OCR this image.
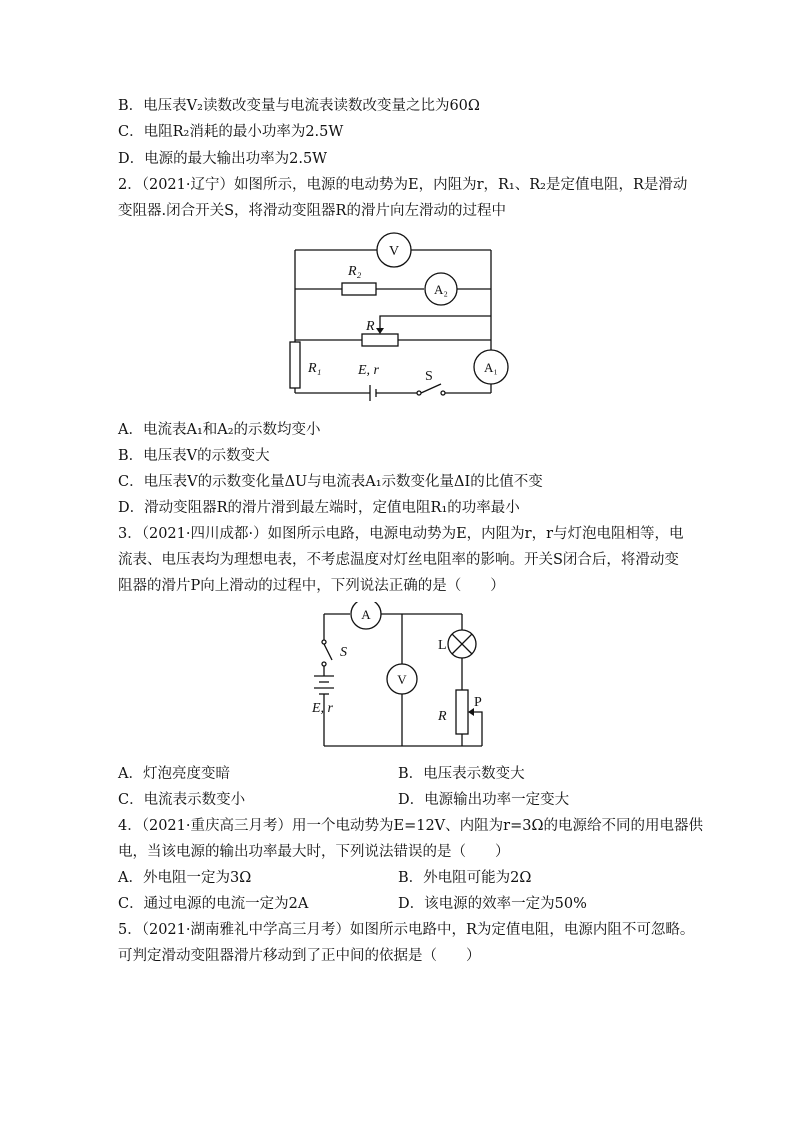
B．电压表V₂读数改变量与电流表读数改变量之比为60Ω
C．电阻R₂消耗的最小功率为2.5W
D．电源的最大输出功率为2.5W
2．（2021·辽宁）如图所示，电源的电动势为E，内阻为r，R₁、R₂是定值电阻，R是滑动
变阻器.闭合开关S，将滑动变阻器R的滑片向左滑动的过程中
V
R₂
A₂
R
R₁	E, r	S
A₁
A．电流表A₁和A₂的示数均变小
B．电压表V的示数变大
C．电压表V的示数变化量ΔU与电流表A₁示数变化量ΔI的比值不变
D．滑动变阻器R的滑片滑到最左端时，定值电阻R₁的功率最小
3．（2021·四川成都·）如图所示电路，电源电动势为E，内阻为r，r与灯泡电阻相等，电
流表、电压表均为理想电表，不考虑温度对灯丝电阻率的影响。开关S闭合后，将滑动变
阻器的滑片P向上滑动的过程中，下列说法正确的是（　　）
A
S
V
L
R
P
E, r
A．灯泡亮度变暗	B．电压表示数变大
C．电流表示数变小	D．电源输出功率一定变大
4．（2021·重庆高三月考）用一个电动势为E=12V、内阻为r=3Ω的电源给不同的用电器供
电，当该电源的输出功率最大时，下列说法错误的是（　　）
A．外电阻一定为3Ω	B．外电阻可能为2Ω
C．通过电源的电流一定为2A	D．该电源的效率一定为50%
5．（2021·湖南雅礼中学高三月考）如图所示电路中，R为定值电阻，电源内阻不可忽略。
可判定滑动变阻器滑片移动到了正中间的依据是（　　）
